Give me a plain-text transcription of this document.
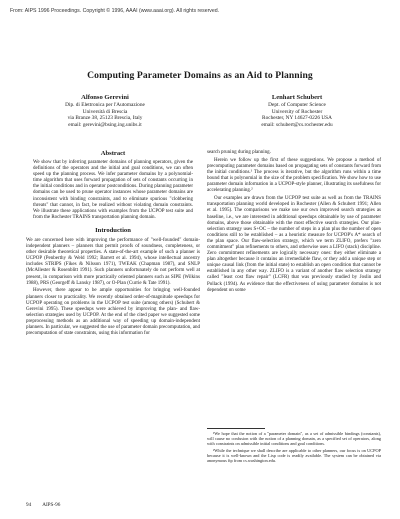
From: AIPS 1996 Proceedings. Copyright © 1996, AAAI (www.aaai.org). All rights reserved.
Computing Parameter Domains as an Aid to Planning
Alfonso Gerevini
Dip. di Elettronica per l'Automazione
Università di Brescia
via Branze 38, 25123 Brescia, Italy
email: gerevini@bsing.ing.unibs.it
Lenhart Schubert
Dept. of Computer Science
University of Rochester
Rochester, NY 14627-0226 USA
email: schubert@cs.rochester.edu
Abstract

We show that by inferring parameter domains of planning operators, given the definitions of the operators and the initial and goal conditions, we can often speed up the planning process. We infer parameter domains by a polynomial-time algorithm that uses forward propagation of sets of constants occurring in the initial conditions and in operator postconditions. During planning parameter domains can be used to prune operator instances whose parameter domains are inconsistent with binding constraints, and to eliminate spurious "clobbering threats" that cannot, in fact, be realized without violating domain constraints. We illustrate these applications with examples from the UCPOP test suite and from the Rochester TRAINS transportation planning domain.

Introduction

We are concerned here with improving the performance of "well-founded" domain-independent planners – planners that permit proofs of soundness, completeness, or other desirable theoretical properties. A state-of-the-art example of such a planner is UCPOP (Penberthy & Weld 1992; Barrett et al. 1994), whose intellectual ancestry includes STRIPS (Fikes & Nilsson 1971), TWEAK (Chapman 1987), and SNLP (McAllester & Rosenblitt 1991). Such planners unfortunately do not perform well at present, in comparison with more practically oriented planners such as SIPE (Wilkins 1988), PRS (Georgeff & Lansky 1987), or O-Plan (Currie & Tate 1991).

However, there appear to be ample opportunities for bringing well-founded planners closer to practicality. We recently obtained order-of-magnitude speedups for UCPOP operating on problems in the UCPOP test suite (among others) (Schubert & Gerevini 1995). These speedups were achieved by improving the plan- and flaw-selection strategies used by UCPOP. At the end of the cited paper we suggested some preprocessing methods as an additional way of speeding up domain-independent planners. In particular, we suggested the use of parameter domain precomputation, and precomputation of state constraints, using this information for

search pruning during planning.

Herein we follow up the first of these suggestions. We propose a method of precomputing parameter domains based on propagating sets of constants forward from the initial conditions.¹ The process is iterative, but the algorithm runs within a time bound that is polynomial in the size of the problem specification. We show how to use parameter domain information in a UCPOP-style planner, illustrating its usefulness for accelerating planning.²

Our examples are drawn from the UCPOP test suite as well as from the TRAINS transportation planning world developed in Rochester (Allen & Schubert 1991; Allen et al. 1995). The comparisons we make use our own improved search strategies as baseline, i.e., we are interested in additional speedups obtainable by use of parameter domains, above those obtainable with the most effective search strategies. Our plan-selection strategy uses S+OC – the number of steps in a plan plus the number of open conditions still to be established – as a heuristic measure for UCPOP's A* search of the plan space. Our flaw-selection strategy, which we term ZLIFO, prefers "zero commitment" plan refinements to others, and otherwise uses a LIFO (stack) discipline. Zero commitment refinements are logically necessary ones: they either eliminate a plan altogether because it contains an irremediable flaw, or they add a unique step or unique causal link (from the initial state) to establish an open condition that cannot be established in any other way. ZLIFO is a variant of another flaw selection strategy called "least cost flaw repair" (LCFR) that was previously studied by Joslin and Pollack (1994). As evidence that the effectiveness of using parameter domains is not dependent on some

¹We hope that the notion of a "parameter domain", as a set of admissible bindings (constants), will cause no confusion with the notion of a planning domain, as a specified set of operators, along with constraints on admissible initial conditions and goal conditions.

²While the technique we shall describe are applicable to other planners, our focus is on UCPOP because it is well-known and the Lisp code is readily available. The system can be obtained via anonymous ftp from cs.washington.edu.

94 AIPS-96
